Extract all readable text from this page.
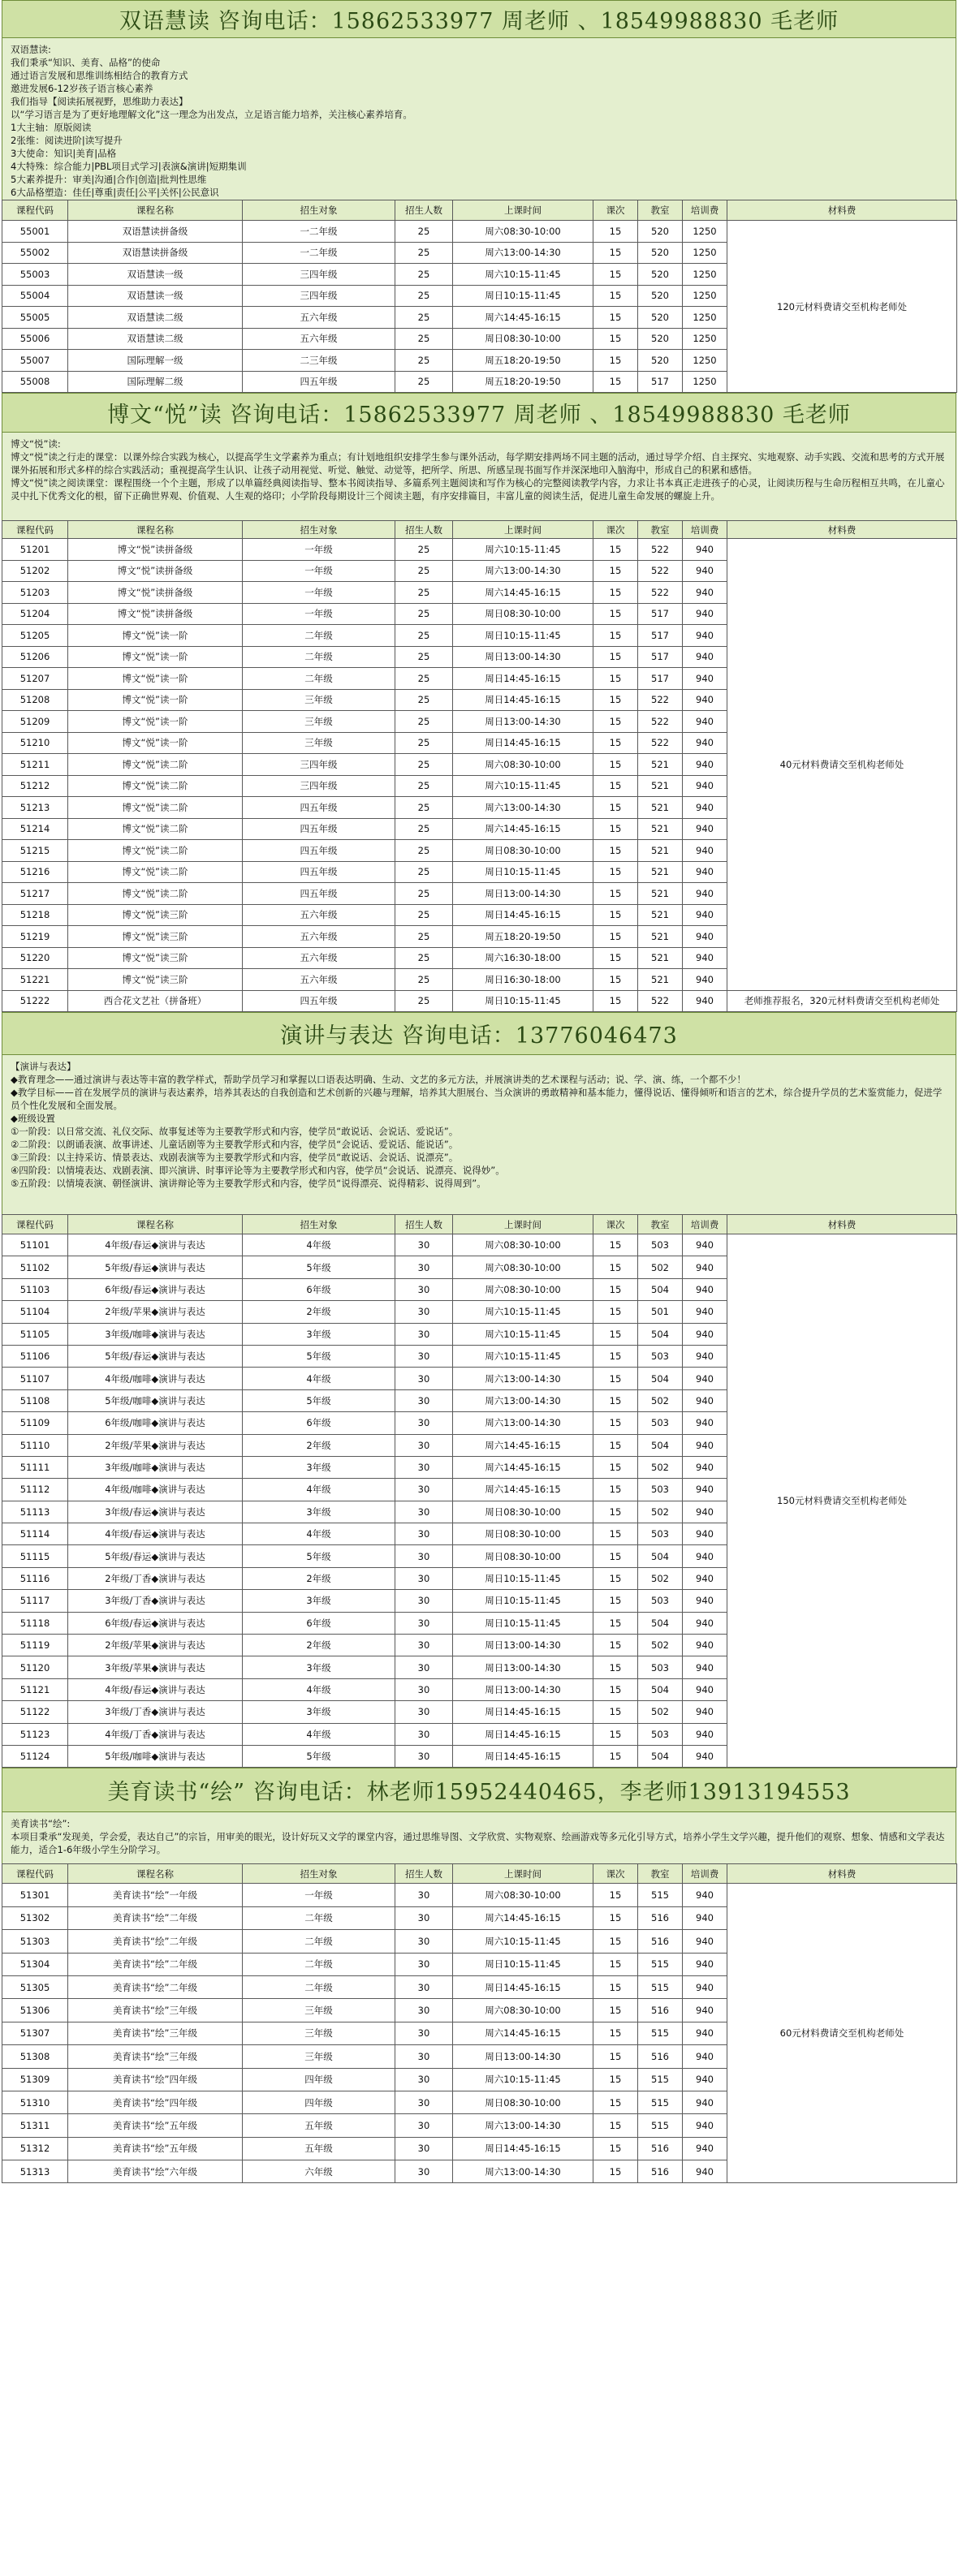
双语慧读 咨询电话：15862533977 周老师 、18549988830 毛老师
双语慧读:
我们秉承“知识、美育、品格”的使命
通过语言发展和思维训练相结合的教育方式
邀进发展6-12岁孩子语言核心素养
我们指导【阅读拓展视野，思维助力表达】
以“学习语言是为了更好地理解文化”这一理念为出发点，立足语言能力培养，关注核心素养培育。
1大主轴：原版阅读
2张维：阅读进阶|读写提升
3大使命：知识|美育|品格
4大特殊：综合能力|PBL项目式学习|表演&演讲|短期集训
5大素养提升：审美|沟通|合作|创造|批判性思维
6大品格塑造：佳任|尊重|责任|公平|关怀|公民意识
课程代码	课程名称	招生对象	招生人数	上课时间	课次	教室	培训费	材料费
55001	双语慧读拼备级	一二年级	25	周六08:30-10:00	15	520	1250	120元材料费请交至机构老师处
55002	双语慧读拼备级	一二年级	25	周六13:00-14:30	15	520	1250	
55003	双语慧读一级	三四年级	25	周六10:15-11:45	15	520	1250	
55004	双语慧读一级	三四年级	25	周日10:15-11:45	15	520	1250	
55005	双语慧读二级	五六年级	25	周六14:45-16:15	15	520	1250	
55006	双语慧读二级	五六年级	25	周日08:30-10:00	15	520	1250	
55007	国际理解一级	二三年级	25	周五18:20-19:50	15	520	1250	
55008	国际理解二级	四五年级	25	周五18:20-19:50	15	517	1250	
博文“悦”读 咨询电话：15862533977 周老师 、18549988830 毛老师
博文“悦”读:
博文“悦”读之行走的课堂：以课外综合实践为核心，以提高学生文学素养为重点；有计划地组织安排学生参与课外活动，每学期安排两场不同主题的活动，通过导学介绍、自主探究、实地观察、动手实践、交流和思考的方式开展课外拓展和形式多样的综合实践活动；重视提高学生认识、让孩子动用视觉、听觉、触觉、动觉等，把所学、所思、所感呈现书面写作并深深地印入脑海中，形成自己的积累和感悟。
博文“悦”读之阅读课堂：课程围绕一个个主题，形成了以单篇经典阅读指导、整本书阅读指导、多篇系列主题阅读和写作为核心的完整阅读教学内容，力求让书本真正走进孩子的心灵，让阅读历程与生命历程相互共鸣，在儿童心灵中扎下优秀文化的根，留下正确世界观、价值观、人生观的烙印；小学阶段每期设计三个阅读主题，有序安排篇目，丰富儿童的阅读生活，促进儿童生命发展的螺旋上升。
课程代码	课程名称	招生对象	招生人数	上课时间	课次	教室	培训费	材料费
51201	博文“悦”读拼备级	一年级	25	周六10:15-11:45	15	522	940	40元材料费请交至机构老师处
51202	博文“悦”读拼备级	一年级	25	周六13:00-14:30	15	522	940	
51203	博文“悦”读拼备级	一年级	25	周六14:45-16:15	15	522	940	
51204	博文“悦”读拼备级	一年级	25	周日08:30-10:00	15	517	940	
51205	博文“悦”读一阶	二年级	25	周日10:15-11:45	15	517	940	
51206	博文“悦”读一阶	二年级	25	周日13:00-14:30	15	517	940	
51207	博文“悦”读一阶	二年级	25	周日14:45-16:15	15	517	940	
51208	博文“悦”读一阶	三年级	25	周日14:45-16:15	15	522	940	
51209	博文“悦”读一阶	三年级	25	周日13:00-14:30	15	522	940	
51210	博文“悦”读一阶	三年级	25	周日14:45-16:15	15	522	940	
51211	博文“悦”读二阶	三四年级	25	周六08:30-10:00	15	521	940	
51212	博文“悦”读二阶	三四年级	25	周六10:15-11:45	15	521	940	
51213	博文“悦”读二阶	四五年级	25	周六13:00-14:30	15	521	940	
51214	博文“悦”读二阶	四五年级	25	周六14:45-16:15	15	521	940	
51215	博文“悦”读二阶	四五年级	25	周日08:30-10:00	15	521	940	
51216	博文“悦”读二阶	四五年级	25	周日10:15-11:45	15	521	940	
51217	博文“悦”读二阶	四五年级	25	周日13:00-14:30	15	521	940	
51218	博文“悦”读三阶	五六年级	25	周日14:45-16:15	15	521	940	
51219	博文“悦”读三阶	五六年级	25	周五18:20-19:50	15	521	940	
51220	博文“悦”读三阶	五六年级	25	周六16:30-18:00	15	521	940	
51221	博文“悦”读三阶	五六年级	25	周日16:30-18:00	15	521	940	
51222	西合花文艺社（拼备班）	四五年级	25	周日10:15-11:45	15	522	940	老师推荐报名，320元材料费请交至机构老师处
演讲与表达 咨询电话：13776046473
【演讲与表达】
◆教育理念——通过演讲与表达等丰富的教学样式，帮助学员学习和掌握以口语表达明确、生动、文艺的多元方法，并展演讲类的艺术课程与活动；说、学、演、练，一个都不少！
◆教学目标——首在发展学员的演讲与表达素养，培养其表达的自我创造和艺术创新的兴趣与理解，培养其大胆展台、当众演讲的勇敢精神和基本能力，懂得说话、懂得倾听和语言的艺术，综合提升学员的艺术鉴赏能力，促进学员个性化发展和全面发展。
◆班级设置
①一阶段：以日常交流、礼仪交际、故事复述等为主要教学形式和内容，使学员“敢说话、会说话、爱说话”。
②二阶段：以朗诵表演、故事讲述、儿童话剧等为主要教学形式和内容，使学员“会说话、爱说话、能说话”。
③三阶段：以主持采访、情景表达、戏剧表演等为主要教学形式和内容，使学员“敢说话、会说话、说漂亮”。
④四阶段：以情境表达、戏剧表演、即兴演讲、时事评论等为主要教学形式和内容，使学员“会说话、说漂亮、说得妙”。
⑤五阶段：以情境表演、朝怪演讲、演讲辩论等为主要教学形式和内容，使学员“说得漂亮、说得精彩、说得周到”。
课程代码	课程名称	招生对象	招生人数	上课时间	课次	教室	培训费	材料费
51101	4年级/春运◆演讲与表达	4年级	30	周六08:30-10:00	15	503	940	150元材料费请交至机构老师处
51102	5年级/春运◆演讲与表达	5年级	30	周六08:30-10:00	15	502	940	
51103	6年级/春运◆演讲与表达	6年级	30	周六08:30-10:00	15	504	940	
51104	2年级/苹果◆演讲与表达	2年级	30	周六10:15-11:45	15	501	940	
51105	3年级/咖啡◆演讲与表达	3年级	30	周六10:15-11:45	15	504	940	
51106	5年级/春运◆演讲与表达	5年级	30	周六10:15-11:45	15	503	940	
51107	4年级/咖啡◆演讲与表达	4年级	30	周六13:00-14:30	15	504	940	
51108	5年级/咖啡◆演讲与表达	5年级	30	周六13:00-14:30	15	502	940	
51109	6年级/咖啡◆演讲与表达	6年级	30	周六13:00-14:30	15	503	940	
51110	2年级/苹果◆演讲与表达	2年级	30	周六14:45-16:15	15	504	940	
51111	3年级/咖啡◆演讲与表达	3年级	30	周六14:45-16:15	15	502	940	
51112	4年级/咖啡◆演讲与表达	4年级	30	周六14:45-16:15	15	503	940	
51113	3年级/春运◆演讲与表达	3年级	30	周日08:30-10:00	15	502	940	
51114	4年级/春运◆演讲与表达	4年级	30	周日08:30-10:00	15	503	940	
51115	5年级/春运◆演讲与表达	5年级	30	周日08:30-10:00	15	504	940	
51116	2年级/丁香◆演讲与表达	2年级	30	周日10:15-11:45	15	502	940	
51117	3年级/丁香◆演讲与表达	3年级	30	周日10:15-11:45	15	503	940	
51118	6年级/春运◆演讲与表达	6年级	30	周日10:15-11:45	15	504	940	
51119	2年级/苹果◆演讲与表达	2年级	30	周日13:00-14:30	15	502	940	
51120	3年级/苹果◆演讲与表达	3年级	30	周日13:00-14:30	15	503	940	
51121	4年级/春运◆演讲与表达	4年级	30	周日13:00-14:30	15	504	940	
51122	3年级/丁香◆演讲与表达	3年级	30	周日14:45-16:15	15	502	940	
51123	4年级/丁香◆演讲与表达	4年级	30	周日14:45-16:15	15	503	940	
51124	5年级/咖啡◆演讲与表达	5年级	30	周日14:45-16:15	15	504	940	
美育读书“绘” 咨询电话：林老师15952440465，李老师13913194553
美育读书“绘”:
本项目秉承“发现美，学会爱，表达自己”的宗旨，用审美的眼光，设计好玩又文学的课堂内容，通过思维导图、文学欣赏、实物观察、绘画游戏等多元化引导方式，培养小学生文学兴趣，提升他们的观察、想象、情感和文学表达能力，适合1-6年级小学生分阶学习。
课程代码	课程名称	招生对象	招生人数	上课时间	课次	教室	培训费	材料费
51301	美育读书“绘”一年级	一年级	30	周六08:30-10:00	15	515	940	60元材料费请交至机构老师处
51302	美育读书“绘”二年级	二年级	30	周六14:45-16:15	15	516	940	
51303	美育读书“绘”二年级	二年级	30	周六10:15-11:45	15	516	940	
51304	美育读书“绘”二年级	二年级	30	周日10:15-11:45	15	515	940	
51305	美育读书“绘”二年级	二年级	30	周日14:45-16:15	15	515	940	
51306	美育读书“绘”三年级	三年级	30	周六08:30-10:00	15	516	940	
51307	美育读书“绘”三年级	三年级	30	周六14:45-16:15	15	515	940	
51308	美育读书“绘”三年级	三年级	30	周日13:00-14:30	15	516	940	
51309	美育读书“绘”四年级	四年级	30	周六10:15-11:45	15	515	940	
51310	美育读书“绘”四年级	四年级	30	周日08:30-10:00	15	515	940	
51311	美育读书“绘”五年级	五年级	30	周六13:00-14:30	15	515	940	
51312	美育读书“绘”五年级	五年级	30	周日14:45-16:15	15	516	940	
51313	美育读书“绘”六年级	六年级	30	周六13:00-14:30	15	516	940	
